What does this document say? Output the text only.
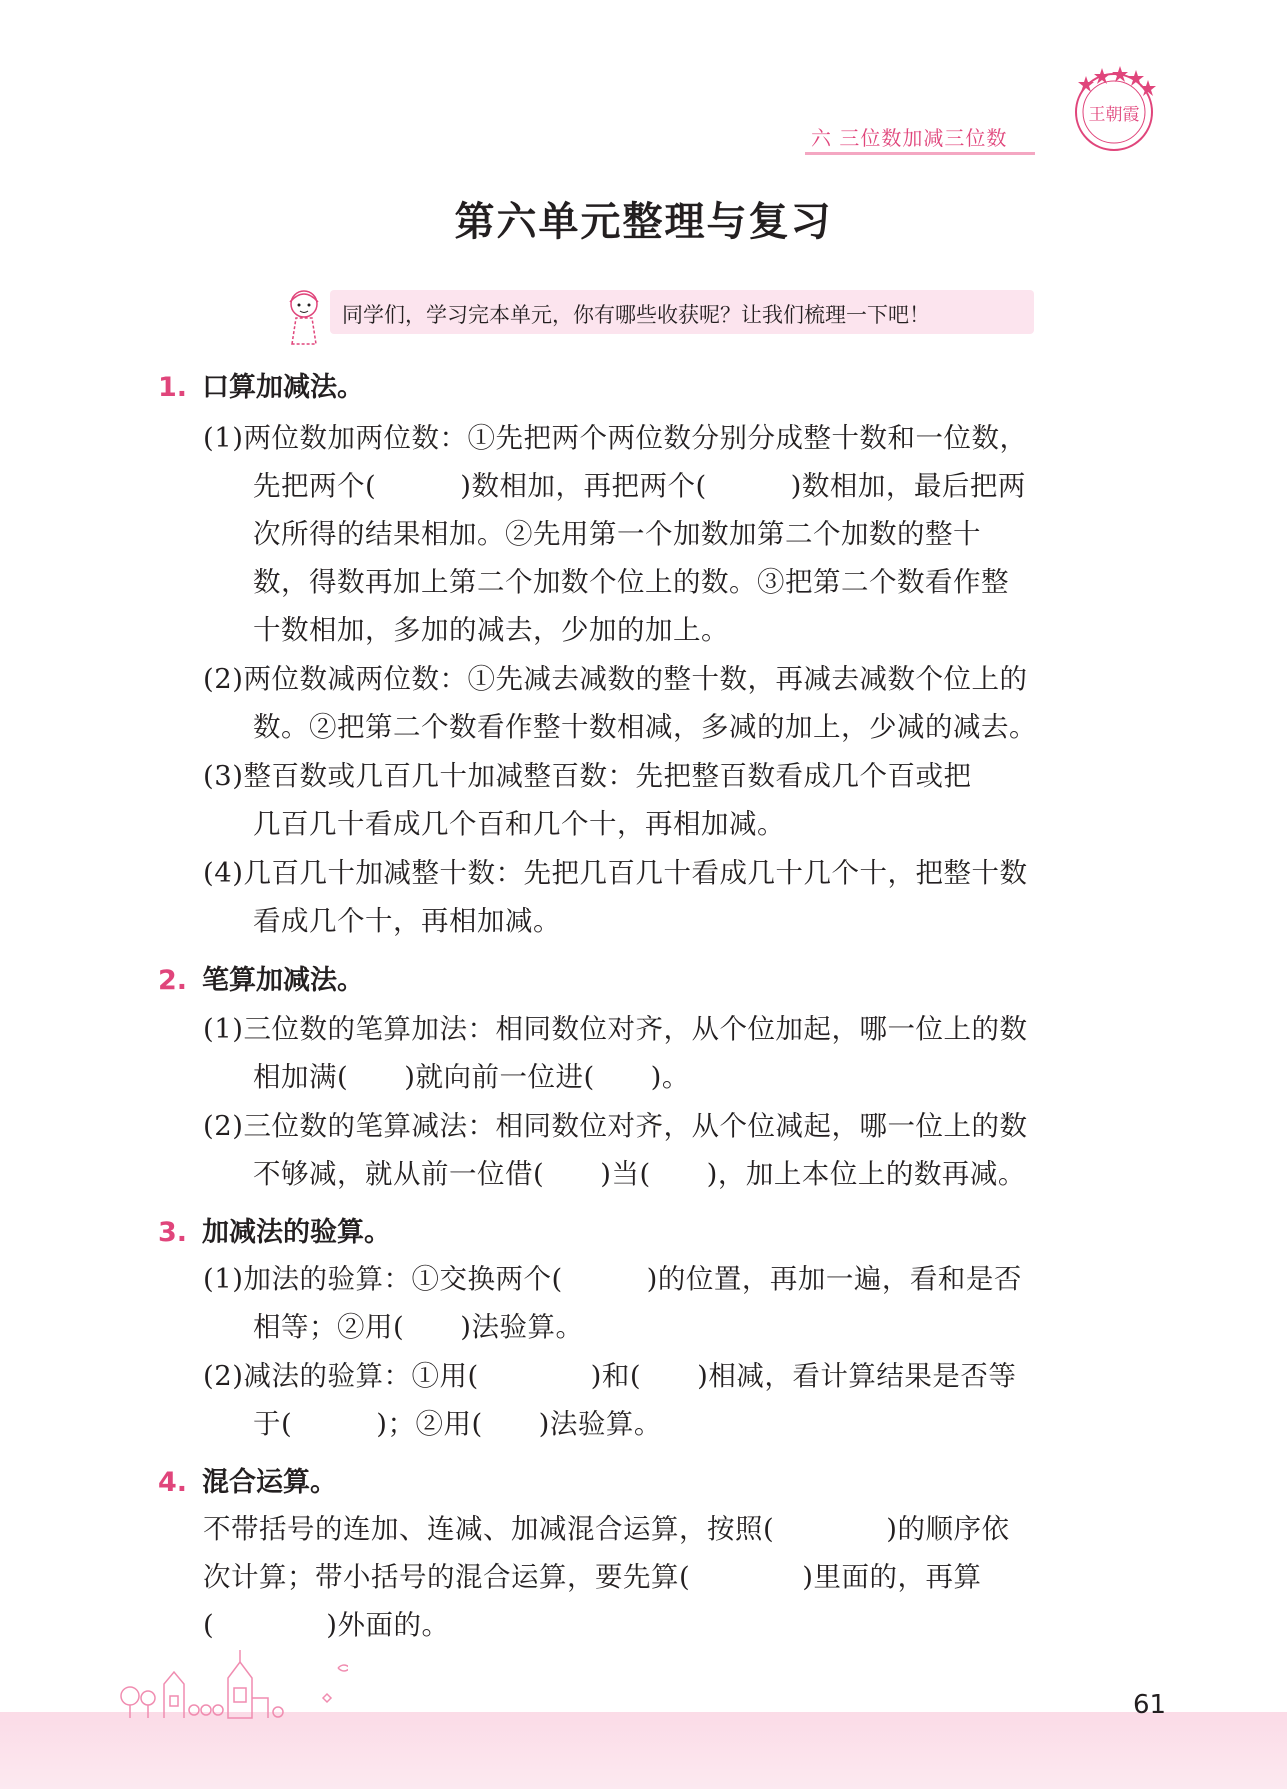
六 三位数加减三位数
王朝霞
第六单元整理与复习
同学们，学习完本单元，你有哪些收获呢？让我们梳理一下吧！
1. 口算加减法。
(1)两位数加两位数：①先把两个两位数分别分成整十数和一位数，
先把两个(　　　)数相加，再把两个(　　　)数相加，最后把两
次所得的结果相加。②先用第一个加数加第二个加数的整十
数，得数再加上第二个加数个位上的数。③把第二个数看作整
十数相加，多加的减去，少加的加上。
(2)两位数减两位数：①先减去减数的整十数，再减去减数个位上的
数。②把第二个数看作整十数相减，多减的加上，少减的减去。
(3)整百数或几百几十加减整百数：先把整百数看成几个百或把
几百几十看成几个百和几个十，再相加减。
(4)几百几十加减整十数：先把几百几十看成几十几个十，把整十数
看成几个十，再相加减。
2. 笔算加减法。
(1)三位数的笔算加法：相同数位对齐，从个位加起，哪一位上的数
相加满(　　)就向前一位进(　　)。
(2)三位数的笔算减法：相同数位对齐，从个位减起，哪一位上的数
不够减，就从前一位借(　　)当(　　)，加上本位上的数再减。
3. 加减法的验算。
(1)加法的验算：①交换两个(　　　)的位置，再加一遍，看和是否
相等；②用(　　)法验算。
(2)减法的验算：①用(　　　　)和(　　)相减，看计算结果是否等
于(　　　)；②用(　　)法验算。
4. 混合运算。
不带括号的连加、连减、加减混合运算，按照(　　　　)的顺序依
次计算；带小括号的混合运算，要先算(　　　　)里面的，再算
(　　　　)外面的。
61
